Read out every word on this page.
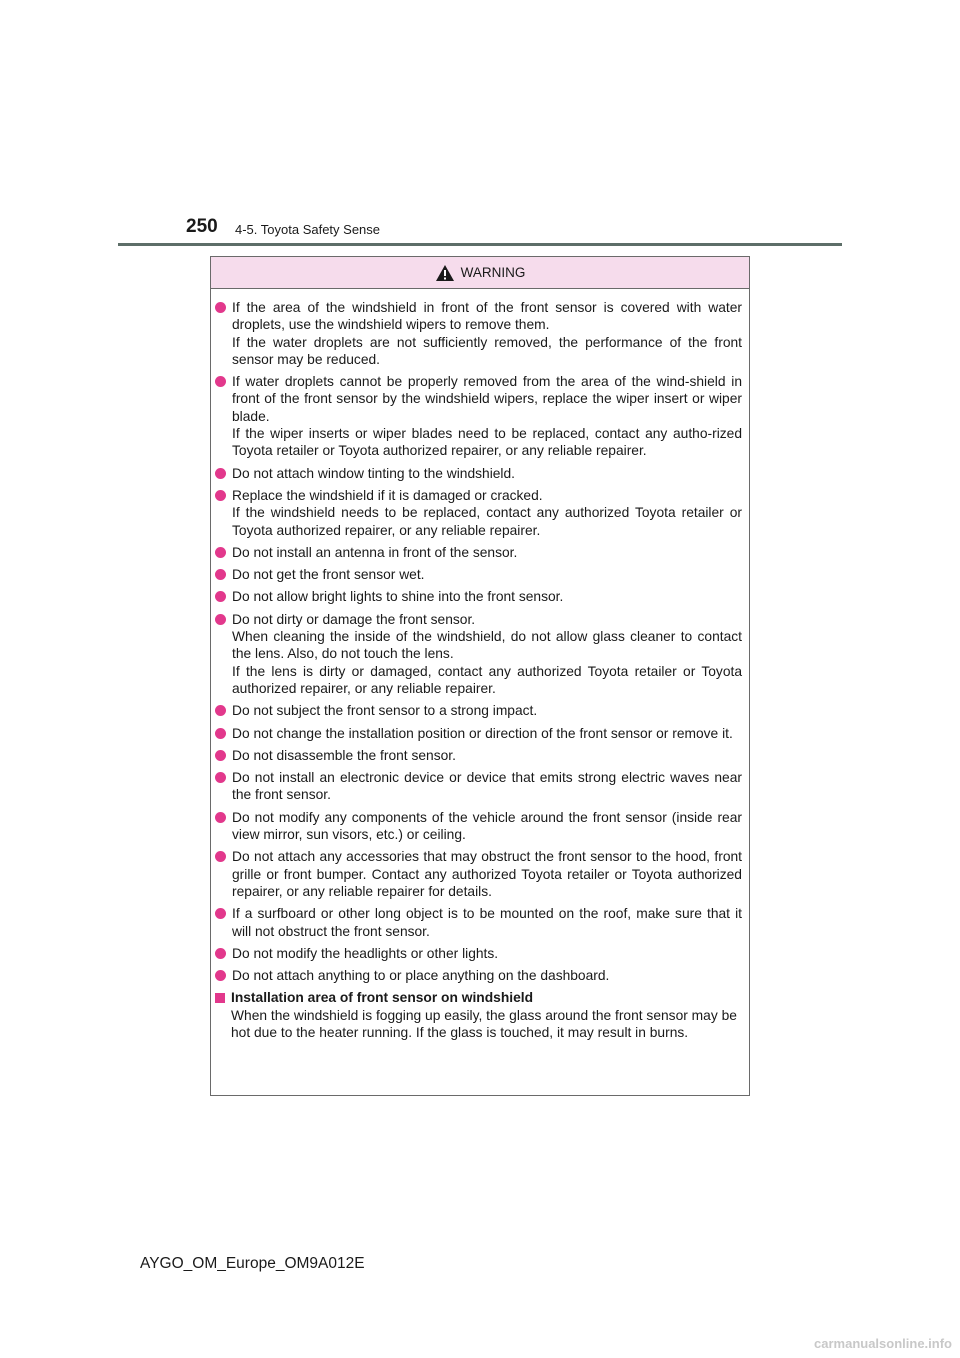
250 4-5. Toyota Safety Sense
WARNING

If the area of the windshield in front of the front sensor is covered with water droplets, use the windshield wipers to remove them.

If the water droplets are not sufficiently removed, the performance of the front sensor may be reduced.

If water droplets cannot be properly removed from the area of the wind-shield in front of the front sensor by the windshield wipers, replace the wiper insert or wiper blade.

If the wiper inserts or wiper blades need to be replaced, contact any autho-rized Toyota retailer or Toyota authorized repairer, or any reliable repairer.

Do not attach window tinting to the windshield.

Replace the windshield if it is damaged or cracked.

If the windshield needs to be replaced, contact any authorized Toyota retailer or Toyota authorized repairer, or any reliable repairer.

Do not install an antenna in front of the sensor.

Do not get the front sensor wet.

Do not allow bright lights to shine into the front sensor.

Do not dirty or damage the front sensor.

When cleaning the inside of the windshield, do not allow glass cleaner to contact the lens. Also, do not touch the lens.

If the lens is dirty or damaged, contact any authorized Toyota retailer or Toyota authorized repairer, or any reliable repairer.

Do not subject the front sensor to a strong impact.

Do not change the installation position or direction of the front sensor or remove it.

Do not disassemble the front sensor.

Do not install an electronic device or device that emits strong electric waves near the front sensor.

Do not modify any components of the vehicle around the front sensor (inside rear view mirror, sun visors, etc.) or ceiling.

Do not attach any accessories that may obstruct the front sensor to the hood, front grille or front bumper. Contact any authorized Toyota retailer or Toyota authorized repairer, or any reliable repairer for details.

If a surfboard or other long object is to be mounted on the roof, make sure that it will not obstruct the front sensor.

Do not modify the headlights or other lights.

Do not attach anything to or place anything on the dashboard.

Installation area of front sensor on windshield

When the windshield is fogging up easily, the glass around the front sensor may be hot due to the heater running. If the glass is touched, it may result in burns.

AYGO_OM_Europe_OM9A012E
carmanualsonline.info
